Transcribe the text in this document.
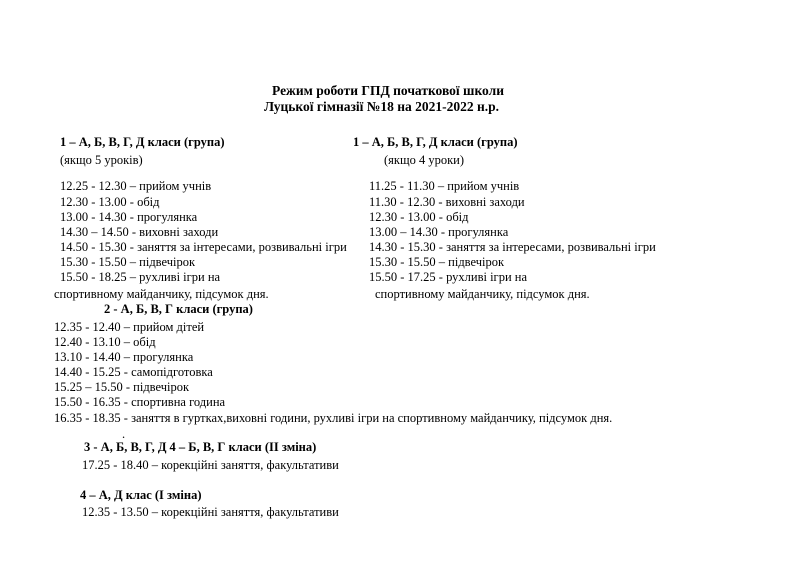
Режим роботи ГПД початкової школи
Луцької гімназії №18 на 2021-2022 н.р.
1 – А, Б, В, Г, Д класи (група)
(якщо 5 уроків)
12.25 - 12.30 – прийом учнів
12.30 - 13.00 - обід
13.00 - 14.30 - прогулянка
14.30 – 14.50 - виховні заходи
14.50 - 15.30 - заняття за інтересами, розвивальні ігри
15.30 - 15.50 – підвечірок
15.50 - 18.25 – рухливі ігри на
спортивному майданчику, підсумок дня.
1 – А, Б, В, Г, Д класи (група)
(якщо 4 уроки)
11.25 - 11.30 – прийом учнів
11.30 - 12.30 - виховні заходи
12.30 - 13.00 - обід
13.00 – 14.30 - прогулянка
14.30 - 15.30 - заняття за інтересами, розвивальні ігри
15.30 - 15.50 – підвечірок
15.50 - 17.25 - рухливі ігри на
спортивному майданчику, підсумок дня.
2 - А, Б, В, Г класи (група)
12.35 - 12.40 – прийом дітей
12.40 - 13.10 – обід
13.10 - 14.40 – прогулянка
14.40 - 15.25 - самопідготовка
15.25 – 15.50 - підвечірок
15.50 - 16.35 - спортивна година
16.35 - 18.35 - заняття в гуртках,виховні години, рухливі ігри на спортивному майданчику, підсумок дня.
.
3 - А, Б, В, Г, Д 4 – Б, В, Г класи (ІІ зміна)
17.25 - 18.40 – корекційні заняття, факультативи
4 – А, Д клас (І зміна)
12.35 - 13.50 – корекційні заняття, факультативи
